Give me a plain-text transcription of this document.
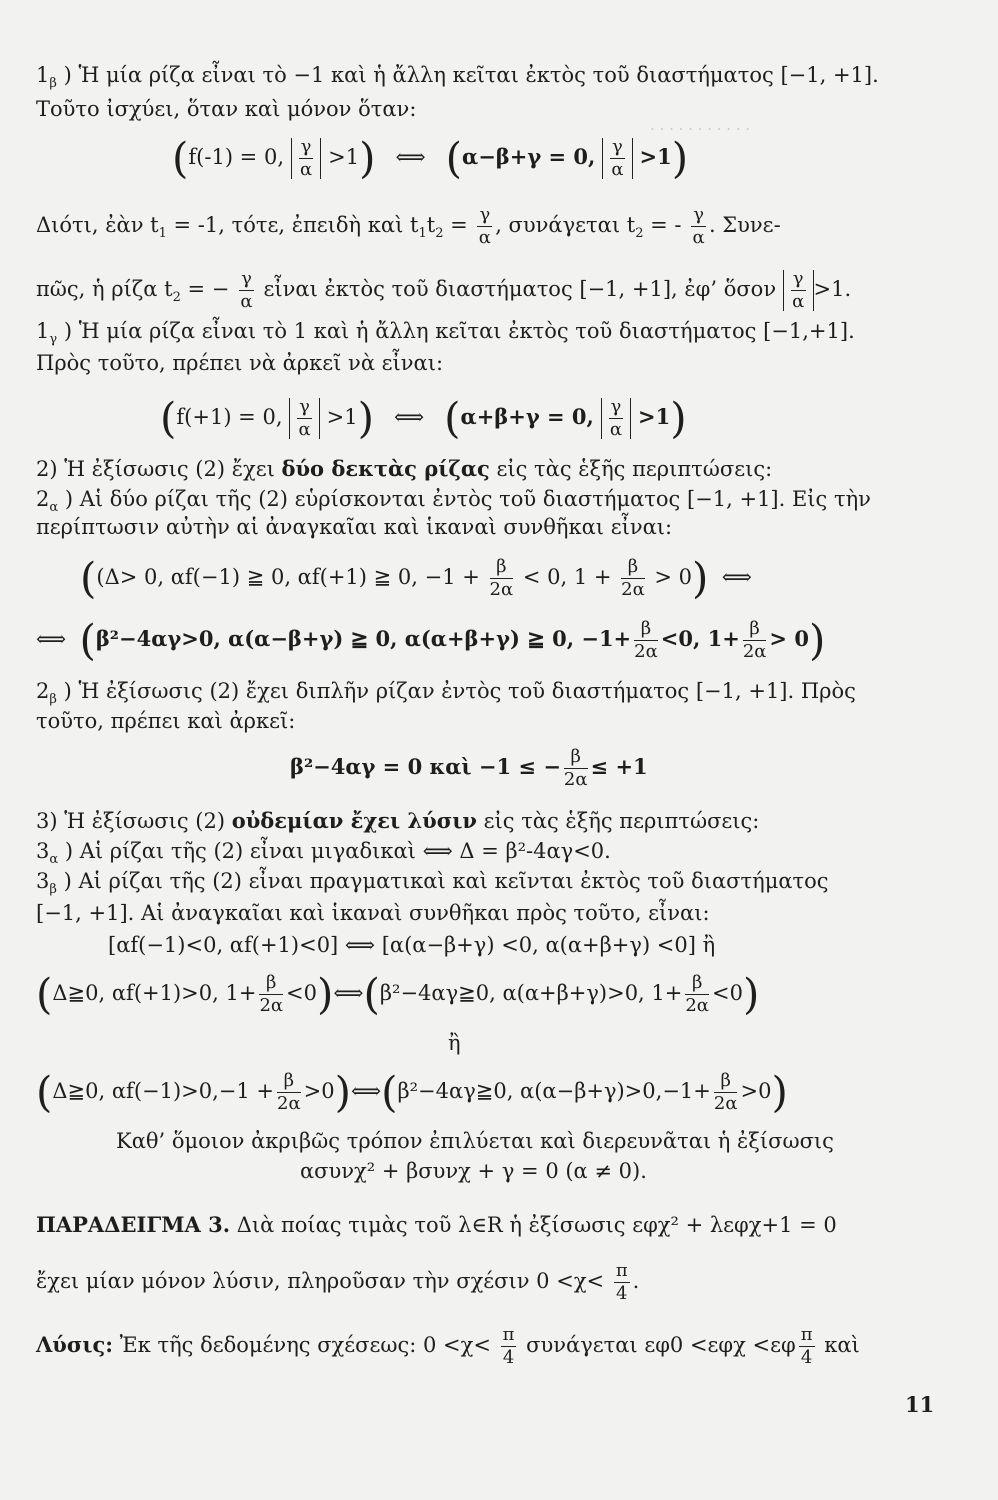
· · · · · · · · · · ·
$1_\beta$ ) Ἡ μία ρίζα εἶναι τὸ −1 καὶ ἡ ἄλλη κεῖται ἐκτὸς τοῦ διαστήματος [−1, +1].
Τοῦτο ἰσχύει, ὅταν καὶ μόνον ὅταν:
(f(-1) = 0, $\frac{\gamma}{\alpha} >1$)   ⟺   (α−β+γ = 0, $\frac{\gamma}{\alpha} >1$)
Διότι, ἐὰν $t_1 = -1$, τότε, ἐπειδὴ καὶ $t_1t_2 = \frac{\gamma}{\alpha}$ , συνάγεται $t_2$ = - $\frac{\gamma}{\alpha}$ . Συνε-
πῶς, ἡ ρίζα $t_2$ = − $\frac{\gamma}{\alpha}$ εἶναι ἐκτὸς τοῦ διαστήματος [−1, +1], ἐφ’ ὅσον $\frac{\gamma}{\alpha} >1$.
$1_\gamma$ ) Ἡ μία ρίζα εἶναι τὸ 1 καὶ ἡ ἄλλη κεῖται ἐκτὸς τοῦ διαστήματος [−1,+1].
Πρὸς τοῦτο, πρέπει νὰ ἀρκεῖ νὰ εἶναι:
(f(+1) = 0, $\frac{\gamma}{\alpha} >1$)   ⟺   (α+β+γ = 0, $\frac{\gamma}{\alpha} >1$)
2) Ἡ ἐξίσωσις (2) ἔχει δύο δεκτὰς ρίζας εἰς τὰς ἑξῆς περιπτώσεις:
$2_\alpha$ ) Αἱ δύο ρίζαι τῆς (2) εὑρίσκονται ἐντὸς τοῦ διαστήματος [−1, +1]. Εἰς τὴν
περίπτωσιν αὐτὴν αἱ ἀναγκαῖαι καὶ ἱκαναὶ συνθῆκαι εἶναι:
((Δ> 0, αf(−1) ≧ 0, αf(+1) ≧ 0, $-1 + \frac{\beta}{2\alpha} < 0$, $1 + \frac{\beta}{2\alpha} > 0$)  ⟺
⟺  (β²−4αγ>0, α(α−β+γ) ≧ 0, α(α+β+γ) ≧ 0, $-1+ \frac{\beta}{2\alpha} <0$, $1+ \frac{\beta}{2\alpha} > 0$)
$2_\beta$ ) Ἡ ἐξίσωσις (2) ἔχει διπλῆν ρίζαν ἐντὸς τοῦ διαστήματος [−1, +1]. Πρὸς
τοῦτο, πρέπει καὶ ἀρκεῖ:
β²−4αγ = 0 καὶ −1 ≤ − $\frac{\beta}{2\alpha} \le +1$
3) Ἡ ἐξίσωσις (2) οὐδεμίαν ἔχει λύσιν εἰς τὰς ἑξῆς περιπτώσεις:
$3_\alpha$ ) Αἱ ρίζαι τῆς (2) εἶναι μιγαδικαὶ ⟺ Δ = β²-4αγ<0.
$3_\beta$ ) Αἱ ρίζαι τῆς (2) εἶναι πραγματικαὶ καὶ κεῖνται ἐκτὸς τοῦ διαστήματος
[−1, +1]. Αἱ ἀναγκαῖαι καὶ ἱκαναὶ συνθῆκαι πρὸς τοῦτο, εἶναι:
[αf(−1)<0, αf(+1)<0] ⟺ [α(α−β+γ) <0, α(α+β+γ) <0] ἢ
(Δ≧0, αf(+1)>0, $1+ \frac{\beta}{2\alpha}$ <0)⟺(β²−4αγ≧0, α(α+β+γ)>0, $1+ \frac{\beta}{2\alpha} <0$)
ἢ
(Δ≧0, $\alpha f(-1)>0,-1 + \frac{\beta}{2\alpha}$ >0)⟺(β²−4αγ≧0, $\alpha(\alpha-\beta+\gamma)>0,-1+ \frac{\beta}{2\alpha} >0$)
Καθ’ ὅμοιον ἀκριβῶς τρόπον ἐπιλύεται καὶ διερευνᾶται ἡ ἐξίσωσις
ασυνχ² + βσυνχ + γ = 0 (α ≠ 0).
ΠΑΡΑΔΕΙΓΜΑ 3. Διὰ ποίας τιμὰς τοῦ λ∈R ἡ ἐξίσωσις εφχ² + λεφχ+1 = 0
ἔχει μίαν μόνον λύσιν, πληροῦσαν τὴν σχέσιν $0 <\chi< \frac{\pi}{4}$ .
Λύσις: Ἐκ τῆς δεδομένης σχέσεως: $0 <\chi< \frac{\pi}{4}$ συνάγεται $\varepsilon\varphi 0 <\varepsilon\varphi\chi <\varepsilon\varphi \frac{\pi}{4}$ καὶ
11
